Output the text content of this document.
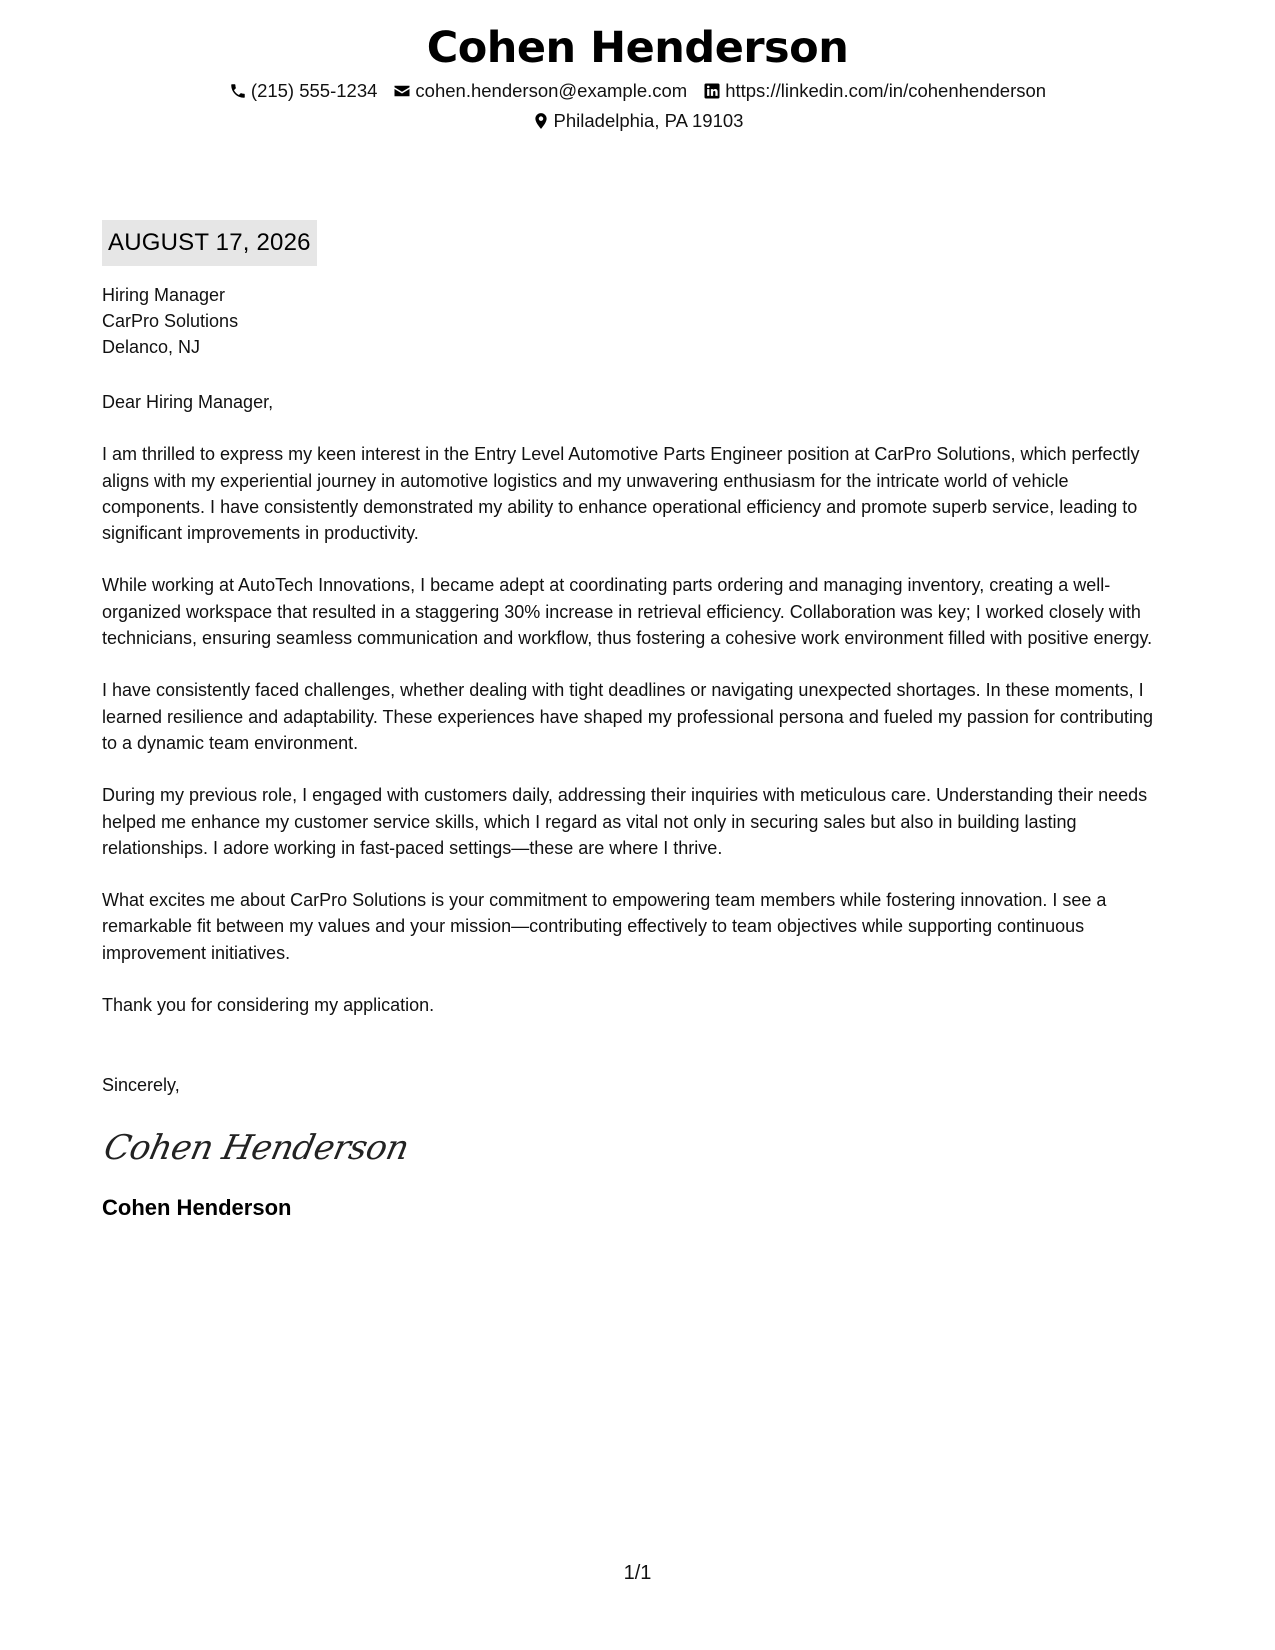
Cohen Henderson
(215) 555-1234 cohen.henderson@example.com https://linkedin.com/in/cohenhenderson
Philadelphia, PA 19103
AUGUST 17, 2026
Hiring Manager
CarPro Solutions
Delanco, NJ
Dear Hiring Manager,

I am thrilled to express my keen interest in the Entry Level Automotive Parts Engineer position at CarPro Solutions, which perfectly aligns with my experiential journey in automotive logistics and my unwavering enthusiasm for the intricate world of vehicle components. I have consistently demonstrated my ability to enhance operational efficiency and promote superb service, leading to significant improvements in productivity.

While working at AutoTech Innovations, I became adept at coordinating parts ordering and managing inventory, creating a well-organized workspace that resulted in a staggering 30% increase in retrieval efficiency. Collaboration was key; I worked closely with technicians, ensuring seamless communication and workflow, thus fostering a cohesive work environment filled with positive energy.

I have consistently faced challenges, whether dealing with tight deadlines or navigating unexpected shortages. In these moments, I learned resilience and adaptability. These experiences have shaped my professional persona and fueled my passion for contributing to a dynamic team environment.

During my previous role, I engaged with customers daily, addressing their inquiries with meticulous care. Understanding their needs helped me enhance my customer service skills, which I regard as vital not only in securing sales but also in building lasting relationships. I adore working in fast-paced settings—these are where I thrive.

What excites me about CarPro Solutions is your commitment to empowering team members while fostering innovation. I see a remarkable fit between my values and your mission—contributing effectively to team objectives while supporting continuous improvement initiatives.

Thank you for considering my application.
Sincerely,
Cohen Henderson
Cohen Henderson
1/1
